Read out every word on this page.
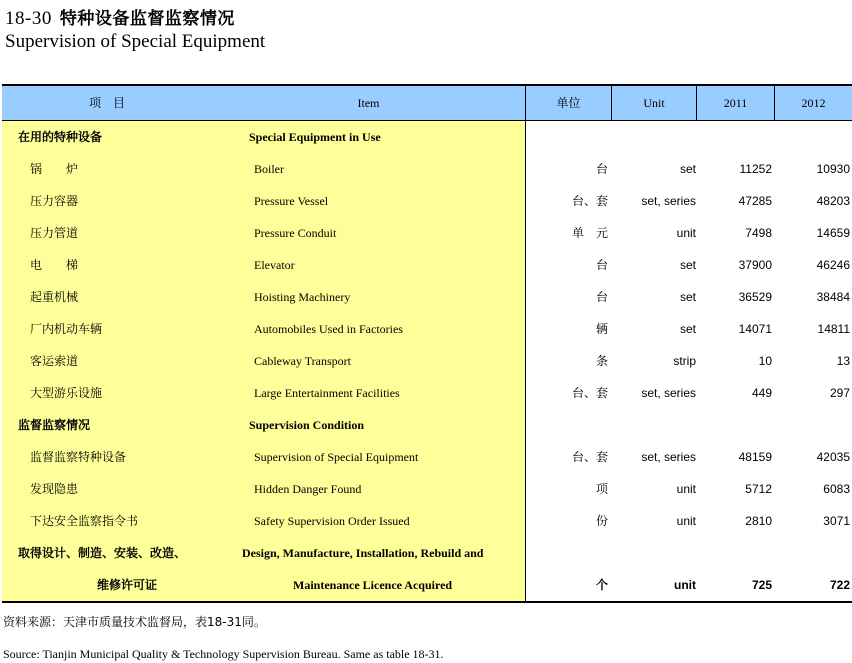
18-30 特种设备监督监察情况
Supervision of Special Equipment
项　目	Item	单位	Unit	2011	2012
在用的特种设备	Special Equipment in Use
锅　　炉	Boiler	台	set	11252	10930
压力容器	Pressure Vessel	台、套	set, series	47285	48203
压力管道	Pressure Conduit	单　元	unit	7498	14659
电　　梯	Elevator	台	set	37900	46246
起重机械	Hoisting Machinery	台	set	36529	38484
厂内机动车辆	Automobiles Used in Factories	辆	set	14071	14811
客运索道	Cableway Transport	条	strip	10	13
大型游乐设施	Large Entertainment Facilities	台、套	set, series	449	297
监督监察情况	Supervision Condition
监督监察特种设备	Supervision of Special Equipment	台、套	set, series	48159	42035
发现隐患	Hidden Danger Found	项	unit	5712	6083
下达安全监察指令书	Safety Supervision Order Issued	份	unit	2810	3071
取得设计、制造、安装、改造、	Design, Manufacture, Installation, Rebuild and
维修许可证	Maintenance Licence Acquired	个	unit	725	722
资料来源：天津市质量技术监督局，表18-31同。
Source: Tianjin Municipal Quality & Technology Supervision Bureau. Same as table 18-31.
